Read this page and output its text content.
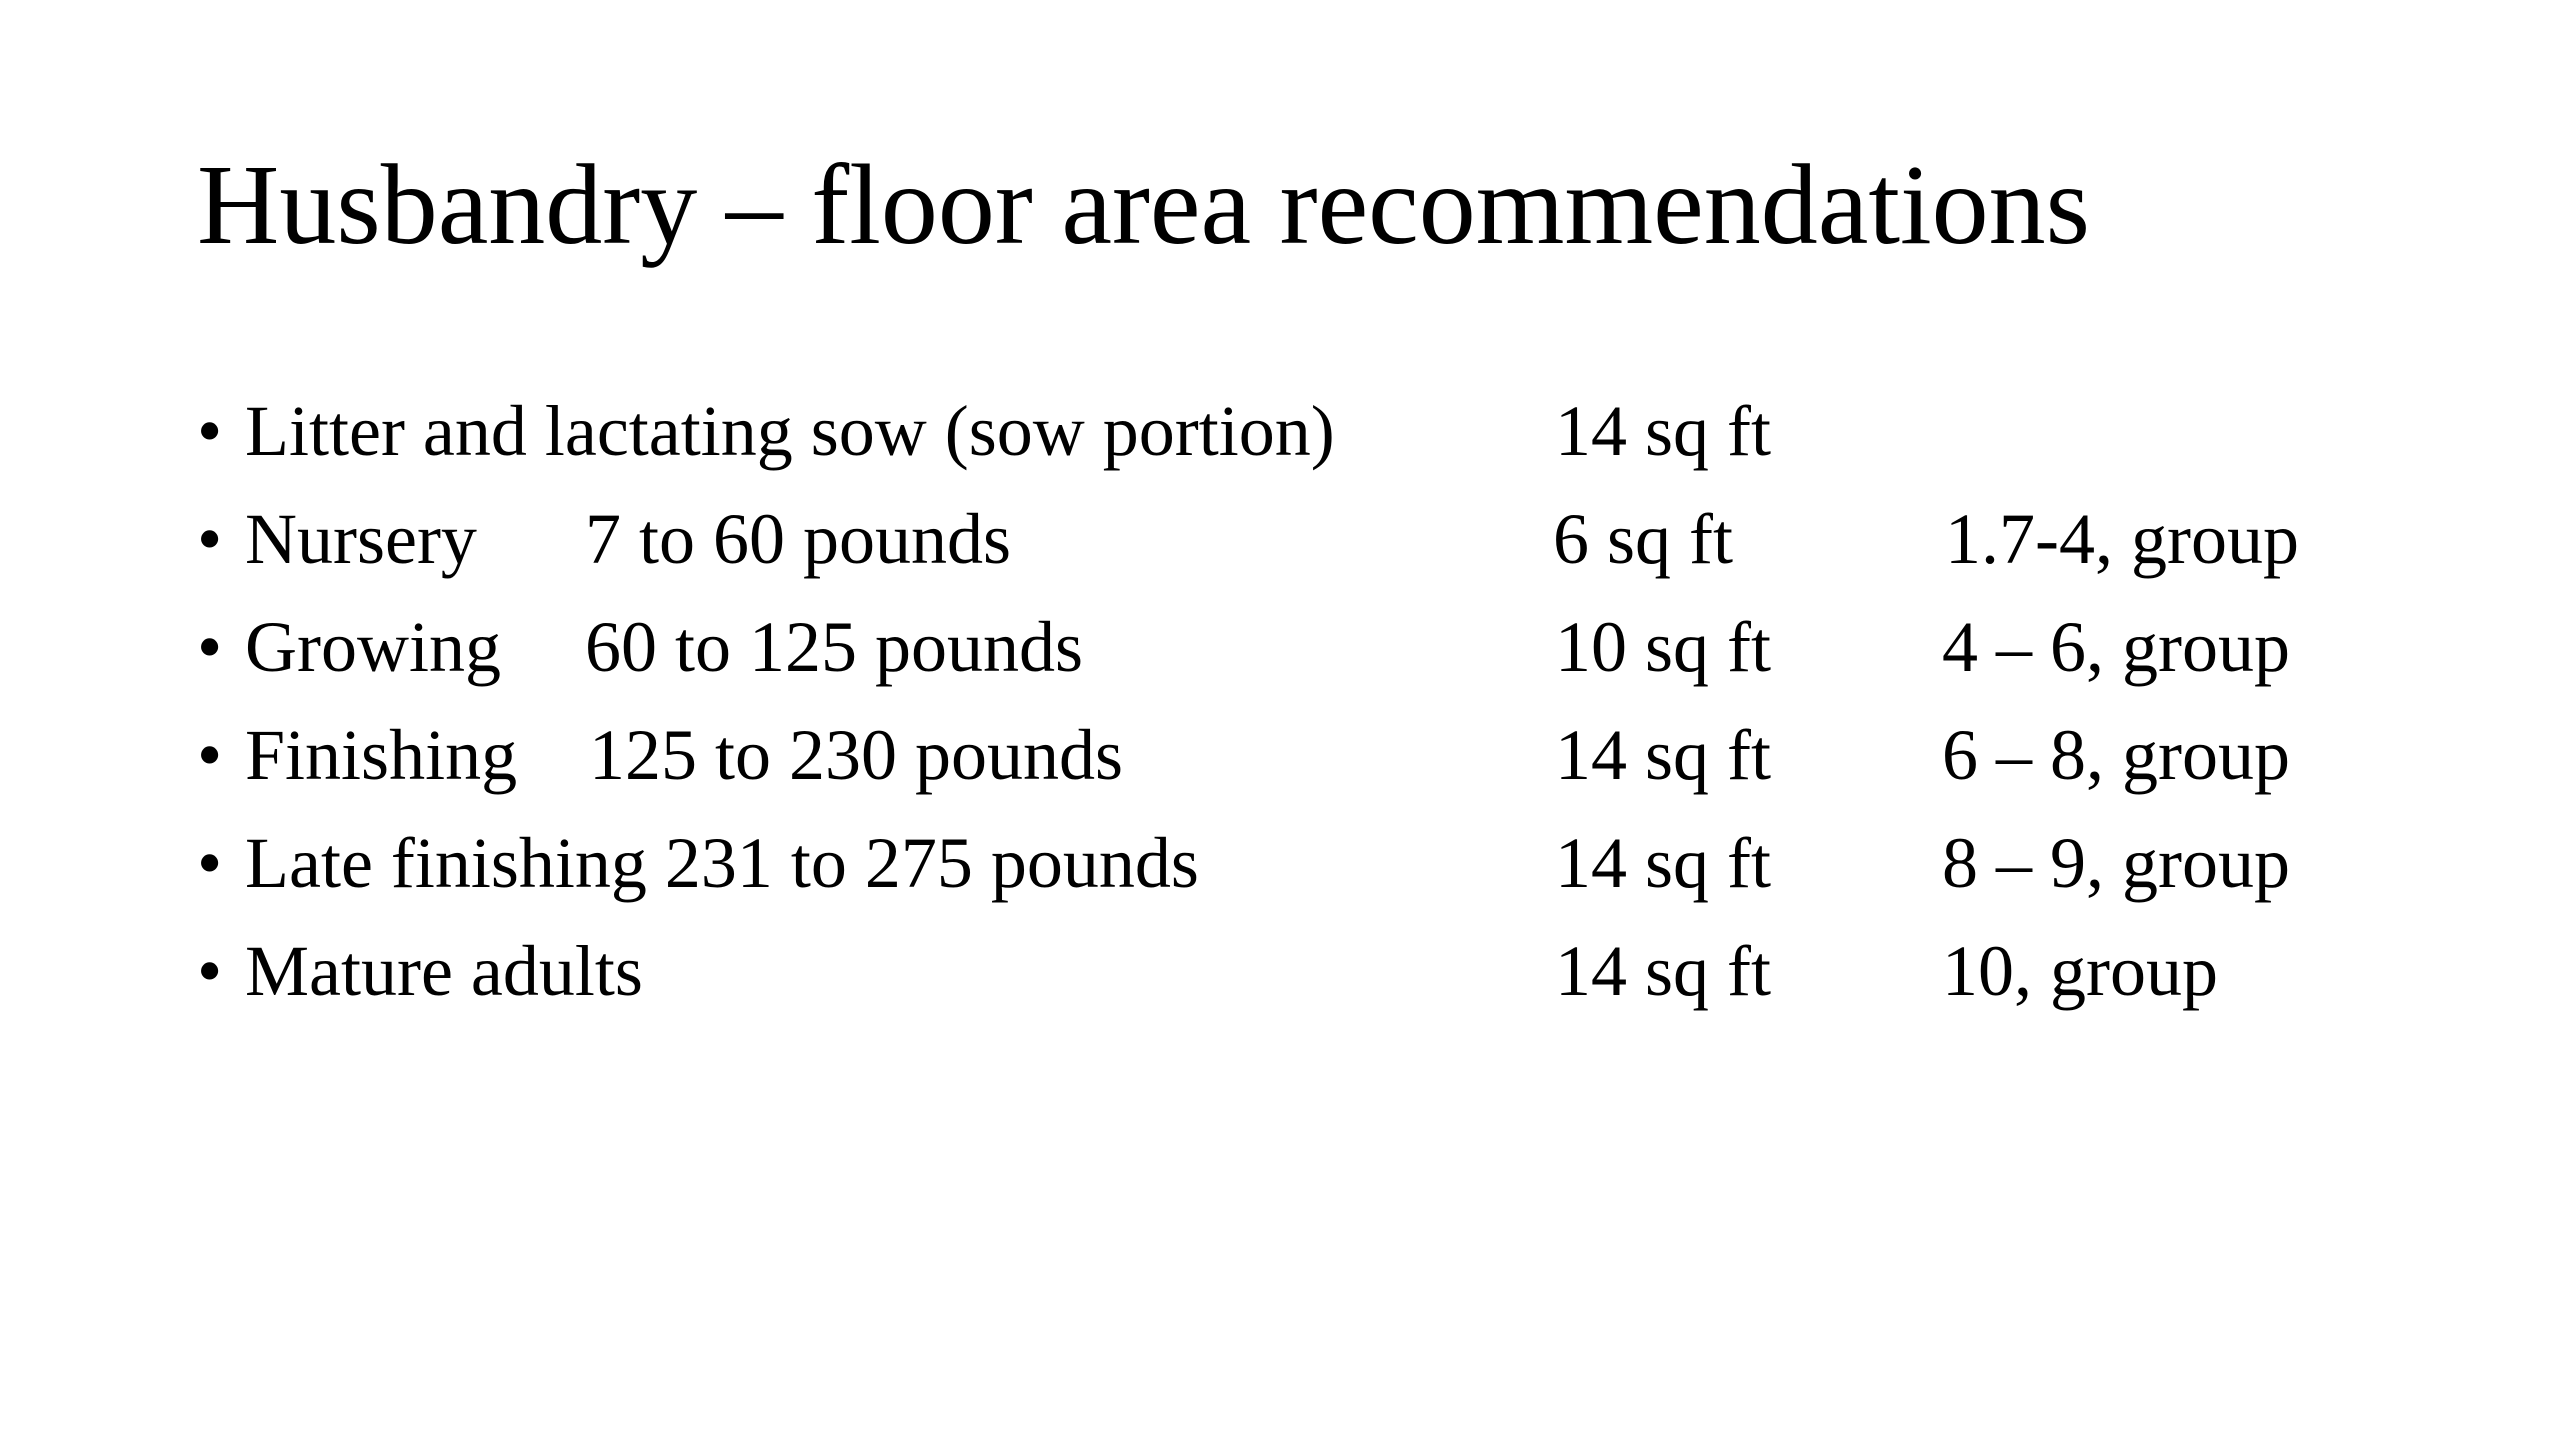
Husbandry – floor area recommendations
• Litter and lactating sow (sow portion)	14 sq ft
• Nursery 7 to 60 pounds	6 sq ft	1.7-4, group
• Growing 60 to 125 pounds	10 sq ft 4 – 6, group
• Finishing 125 to 230 pounds	14 sq ft 6 – 8, group
• Late finishing 231 to 275 pounds	14 sq ft 8 – 9, group
• Mature adults	14 sq ft 10, group
